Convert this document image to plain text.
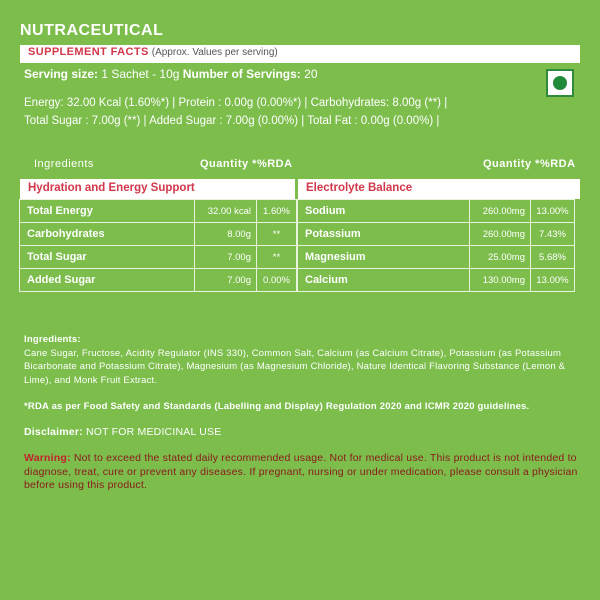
NUTRACEUTICAL
SUPPLEMENT FACTS (Approx. Values per serving)
Serving size: 1 Sachet - 10g Number of Servings: 20
Energy: 32.00 Kcal (1.60%*) | Protein : 0.00g (0.00%*) | Carbohydrates: 8.00g (**) |
Total Sugar : 7.00g (**) | Added Sugar : 7.00g (0.00%) | Total Fat : 0.00g (0.00%) |
Ingredients	Quantity *%RDA	Quantity *%RDA
Hydration and Energy Support	Electrolyte Balance
Total Energy	32.00 kcal	1.60%
Carbohydrates	8.00g	**
Total Sugar	7.00g	**
Added Sugar	7.00g	0.00%
Sodium	260.00mg	13.00%
Potassium	260.00mg	7.43%
Magnesium	25.00mg	5.68%
Calcium	130.00mg	13.00%
Ingredients:
Cane Sugar, Fructose, Acidity Regulator (INS 330), Common Salt, Calcium (as Calcium Citrate), Potassium (as Potassium Bicarbonate and Potassium Citrate), Magnesium (as Magnesium Chloride), Nature Identical Flavoring Substance (Lemon & Lime), and Monk Fruit Extract.
*RDA as per Food Safety and Standards (Labelling and Display) Regulation 2020 and ICMR 2020 guidelines.
Disclaimer: NOT FOR MEDICINAL USE
Warning: Not to exceed the stated daily recommended usage. Not for medical use. This product is not intended to diagnose, treat, cure or prevent any diseases. If pregnant, nursing or under medication, please consult a physician before using this product.
